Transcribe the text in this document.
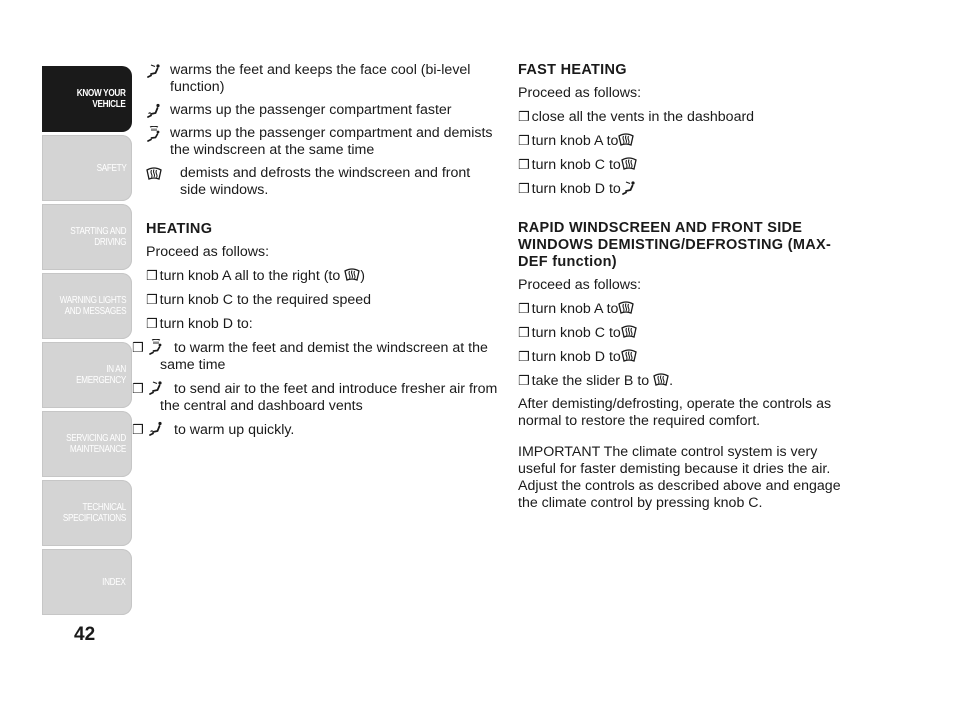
KNOW YOUR
VEHICLE
SAFETY
STARTING AND
DRIVING
WARNING LIGHTS
AND MESSAGES
IN AN EMERGENCY
SERVICING AND
MAINTENANCE
TECHNICAL
SPECIFICATIONS
INDEX
42

warms the feet and keeps the face cool (bi-level function)

warms up the passenger compartment faster

warms up the passenger compartment and demists the windscreen at the same time

demists and defrosts the windscreen and front side windows.

HEATING

Proceed as follows:

❒ turn knob A all to the right (to
)

❒ turn knob C to the required speed

❒ turn knob D to:

❒ to warm the feet and demist the windscreen at the same time

❒ to send air to the feet and introduce fresher air from the central and dashboard vents

❒ to warm up quickly.

FAST HEATING

Proceed as follows:

❒ close all the vents in the dashboard

❒ turn knob A to

❒ turn knob C to

❒ turn knob D to

RAPID WINDSCREEN AND FRONT SIDE WINDOWS DEMISTING/DEFROSTING (MAX-DEF function)

Proceed as follows:

❒ turn knob A to

❒ turn knob C to

❒ turn knob D to

❒ take the slider B to .

After demisting/defrosting, operate the controls as normal to restore the required comfort.

IMPORTANT The climate control system is very useful for faster demisting because it dries the air. Adjust the controls as described above and engage the climate control by pressing knob C.
